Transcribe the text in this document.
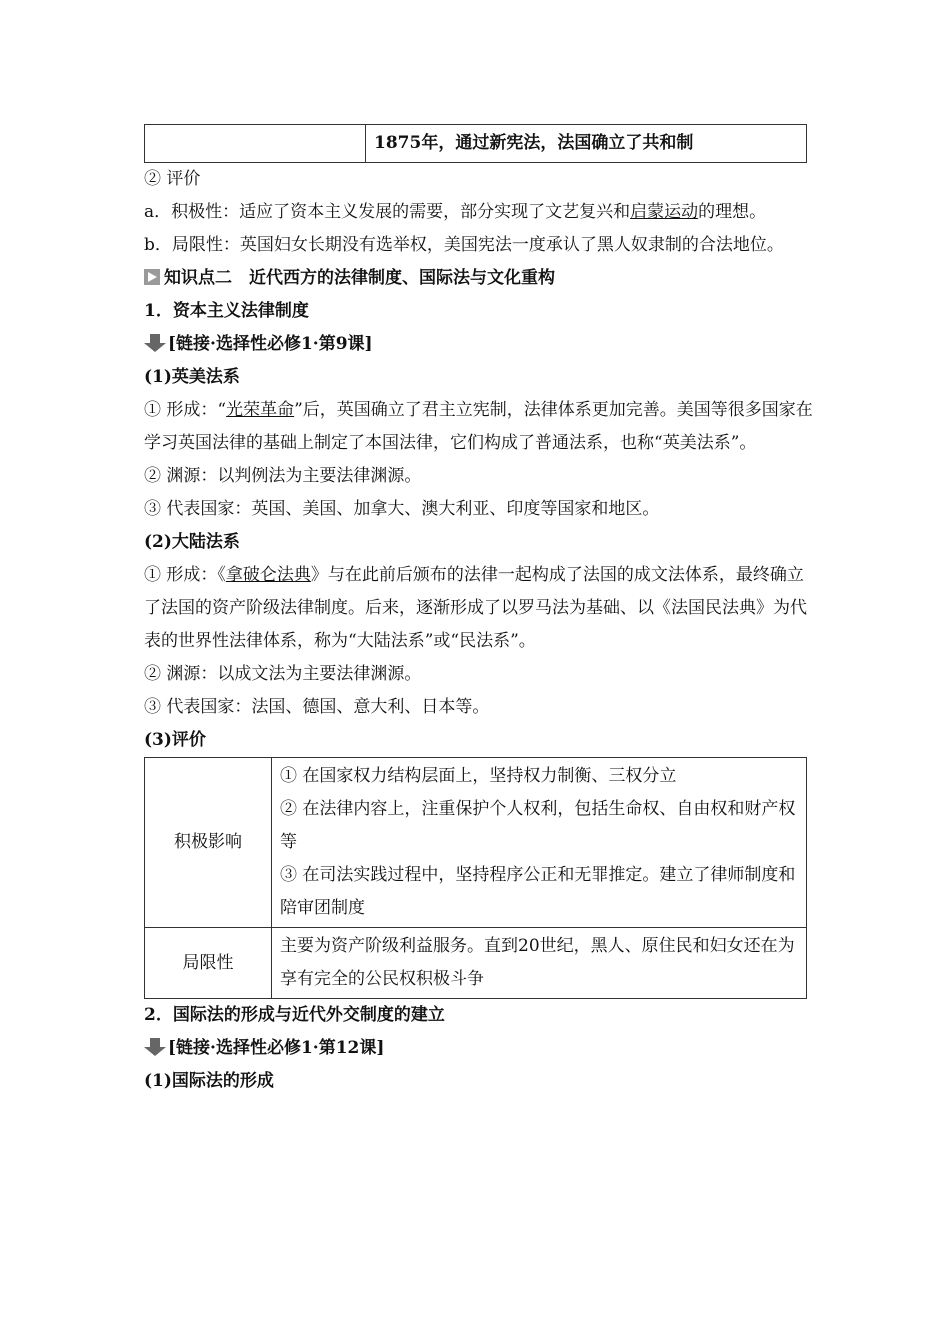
	1875年，通过新宪法，法国确立了共和制
② 评价
a．积极性：适应了资本主义发展的需要，部分实现了文艺复兴和启蒙运动的理想。
b．局限性：英国妇女长期没有选举权，美国宪法一度承认了黑人奴隶制的合法地位。
知识点二　近代西方的法律制度、国际法与文化重构
1．资本主义法律制度
[链接·选择性必修1·第9课]
(1)英美法系
① 形成：“光荣革命”后，英国确立了君主立宪制，法律体系更加完善。美国等很多国家在学习英国法律的基础上制定了本国法律，它们构成了普通法系，也称“英美法系”。
② 渊源：以判例法为主要法律渊源。
③ 代表国家：英国、美国、加拿大、澳大利亚、印度等国家和地区。
(2)大陆法系
① 形成：《拿破仑法典》与在此前后颁布的法律一起构成了法国的成文法体系，最终确立了法国的资产阶级法律制度。后来，逐渐形成了以罗马法为基础、以《法国民法典》为代表的世界性法律体系，称为“大陆法系”或“民法系”。
② 渊源：以成文法为主要法律渊源。
③ 代表国家：法国、德国、意大利、日本等。
(3)评价
积极影响	① 在国家权力结构层面上，坚持权力制衡、三权分立
② 在法律内容上，注重保护个人权利，包括生命权、自由权和财产权等
③ 在司法实践过程中，坚持程序公正和无罪推定。建立了律师制度和陪审团制度

局限性	主要为资产阶级利益服务。直到20世纪，黑人、原住民和妇女还在为享有完全的公民权积极斗争
2．国际法的形成与近代外交制度的建立
[链接·选择性必修1·第12课]
(1)国际法的形成
